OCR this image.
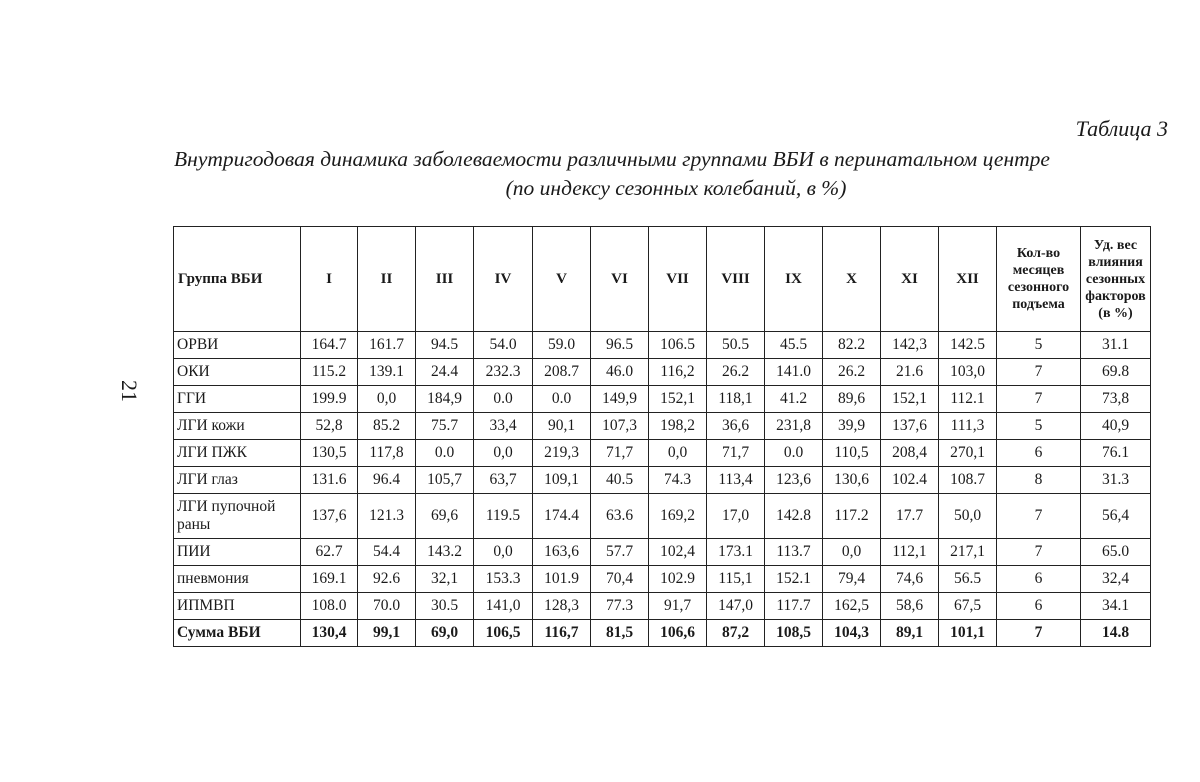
Таблица 3
Внутригодовая динамика заболеваемости различными группами ВБИ в перинатальном центре
(по индексу сезонных колебаний, в %)
21
Группа ВБИ	I	II	III	IV	V	VI	VII	VIII	IX	X	XI	XII	Кол-во месяцев сезонного подъема	Уд. вес влияния сезонных факторов (в %)
ОРВИ	164.7	161.7	94.5	54.0	59.0	96.5	106.5	50.5	45.5	82.2	142,3	142.5	5	31.1
ОКИ	115.2	139.1	24.4	232.3	208.7	46.0	116,2	26.2	141.0	26.2	21.6	103,0	7	69.8
ГГИ	199.9	0,0	184,9	0.0	0.0	149,9	152,1	118,1	41.2	89,6	152,1	112.1	7	73,8
ЛГИ кожи	52,8	85.2	75.7	33,4	90,1	107,3	198,2	36,6	231,8	39,9	137,6	111,3	5	40,9
ЛГИ ПЖК	130,5	117,8	0.0	0,0	219,3	71,7	0,0	71,7	0.0	110,5	208,4	270,1	6	76.1
ЛГИ глаз	131.6	96.4	105,7	63,7	109,1	40.5	74.3	113,4	123,6	130,6	102.4	108.7	8	31.3
ЛГИ пупочной раны	137,6	121.3	69,6	119.5	174.4	63.6	169,2	17,0	142.8	117.2	17.7	50,0	7	56,4
ПИИ	62.7	54.4	143.2	0,0	163,6	57.7	102,4	173.1	113.7	0,0	112,1	217,1	7	65.0
пневмония	169.1	92.6	32,1	153.3	101.9	70,4	102.9	115,1	152.1	79,4	74,6	56.5	6	32,4
ИПМВП	108.0	70.0	30.5	141,0	128,3	77.3	91,7	147,0	117.7	162,5	58,6	67,5	6	34.1
Сумма ВБИ	130,4	99,1	69,0	106,5	116,7	81,5	106,6	87,2	108,5	104,3	89,1	101,1	7	14.8
